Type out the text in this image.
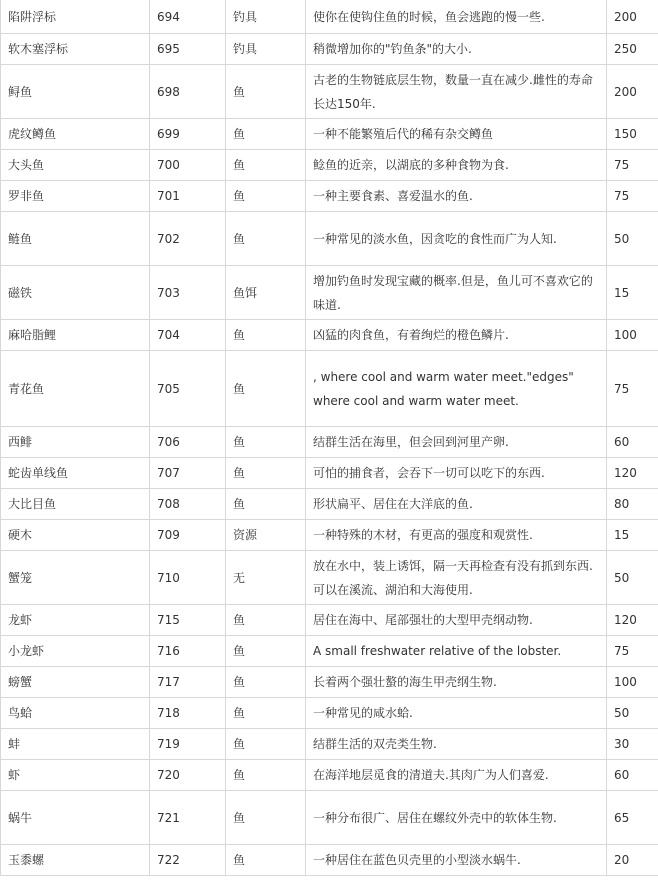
陷阱浮标	694	钓具	使你在使钩住鱼的时候，鱼会逃跑的慢一些.	200
软木塞浮标	695	钓具	稍微增加你的"钓鱼条"的大小.	250
鲟鱼	698	鱼	古老的生物链底层生物，数量一直在减少.雌性的寿命长达150年.	200
虎纹鳟鱼	699	鱼	一种不能繁殖后代的稀有杂交鳟鱼	150
大头鱼	700	鱼	鲶鱼的近亲，以湖底的多种食物为食.	75
罗非鱼	701	鱼	一种主要食素、喜爱温水的鱼.	75
鲢鱼	702	鱼	一种常见的淡水鱼，因贪吃的食性而广为人知.	50
磁铁	703	鱼饵	增加钓鱼时发现宝藏的概率.但是，鱼儿可不喜欢它的味道.	15
麻哈脂鲤	704	鱼	凶猛的肉食鱼，有着绚烂的橙色鳞片.	100
青花鱼	705	鱼	, where cool and warm water meet."edges" where cool and warm water meet.	75
西鲱	706	鱼	结群生活在海里，但会回到河里产卵.	60
蛇齿单线鱼	707	鱼	可怕的捕食者，会吞下一切可以吃下的东西.	120
大比目鱼	708	鱼	形状扁平、居住在大洋底的鱼.	80
硬木	709	资源	一种特殊的木材，有更高的强度和观赏性.	15
蟹笼	710	无	放在水中，装上诱饵，隔一天再检查有没有抓到东西.可以在溪流、湖泊和大海使用.	50
龙虾	715	鱼	居住在海中、尾部强壮的大型甲壳纲动物.	120
小龙虾	716	鱼	A small freshwater relative of the lobster.	75
螃蟹	717	鱼	长着两个强壮螯的海生甲壳纲生物.	100
鸟蛤	718	鱼	一种常见的咸水蛤.	50
蚌	719	鱼	结群生活的双壳类生物.	30
虾	720	鱼	在海洋地层觅食的清道夫.其肉广为人们喜爱.	60
蜗牛	721	鱼	一种分布很广、居住在螺纹外壳中的软体生物.	65
玉黍螺	722	鱼	一种居住在蓝色贝壳里的小型淡水蜗牛.	20
